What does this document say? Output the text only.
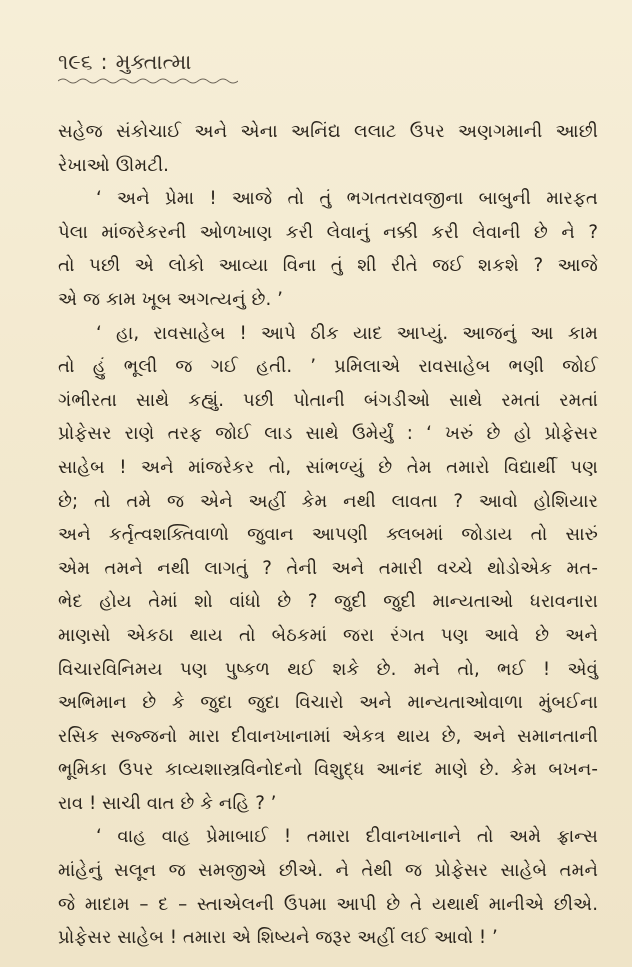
૧૯૬ : મુક્તાત્મા

સહેજ સંકોચાઈ અને એના અનિંદ્ય લલાટ ઉપર અણગમાની આછી
રેખાઓ ઊમટી.

‘ અને પ્રેમા ! આજે તો તું ભગતતરાવજીના બાબુની મારફત
પેલા માંજરેકરની ઓળખાણ કરી લેવાનું નક્કી કરી લેવાની છે ને ?
તો પછી એ લોકો આવ્યા વિના તું શી રીતે જઈ શકશે ? આજે
એ જ કામ ખૂબ અગત્યનું છે. ’

‘ હા, રાવસાહેબ ! આપે ઠીક યાદ આપ્યું. આજનું આ કામ
તો હું ભૂલી જ ગઈ હતી. ’ પ્રમિલાએ રાવસાહેબ ભણી જોઈ
ગંભીરતા સાથે કહ્યું. પછી પોતાની બંગડીઓ સાથે રમતાં રમતાં
પ્રોફેસર રાણે તરફ જોઈ લાડ સાથે ઉમેર્યું : ‘ ખરું છે હો પ્રોફેસર
સાહેબ ! અને માંજરેકર તો, સાંભળ્યું છે તેમ તમારો વિદ્યાર્થી પણ
છે; તો તમે જ એને અહીં કેમ નથી લાવતા ? આવો હોશિયાર
અને કર્તૃત્વશક્તિવાળો જુવાન આપણી ક્લબમાં જોડાય તો સારું
એમ તમને નથી લાગતું ? તેની અને તમારી વચ્ચે થોડોએક મત-
ભેદ હોય તેમાં શો વાંધો છે ? જુદી જુદી માન્યતાઓ ધરાવનારા
માણસો એકઠા થાય તો બેઠકમાં જરા રંગત પણ આવે છે અને
વિચારવિનિમય પણ પુષ્કળ થઈ શકે છે. મને તો, ભઈ ! એવું
અભિમાન છે કે જુદા જુદા વિચારો અને માન્યતાઓવાળા મુંબઈના
રસિક સજ્જનો મારા દીવાનખાનામાં એકત્ર થાય છે, અને સમાનતાની
ભૂમિકા ઉપર કાવ્યશાસ્ત્રવિનોદનો વિશુદ્ધ આનંદ માણે છે. કેમ બખન-
રાવ ! સાચી વાત છે કે નહિ ? ’

‘ વાહ વાહ પ્રેમાબાઈ ! તમારા દીવાનખાનાને તો અમે ફ્રાન્સ
માંહેનું સલૂન જ સમજીએ છીએ. ને તેથી જ પ્રોફેસર સાહેબે તમને
જે માદામ – દ – સ્તાએલની ઉપમા આપી છે તે યથાર્થ માનીએ છીએ.
પ્રોફેસર સાહેબ ! તમારા એ શિષ્યને જરૂર અહીં લઈ આવો ! ’
